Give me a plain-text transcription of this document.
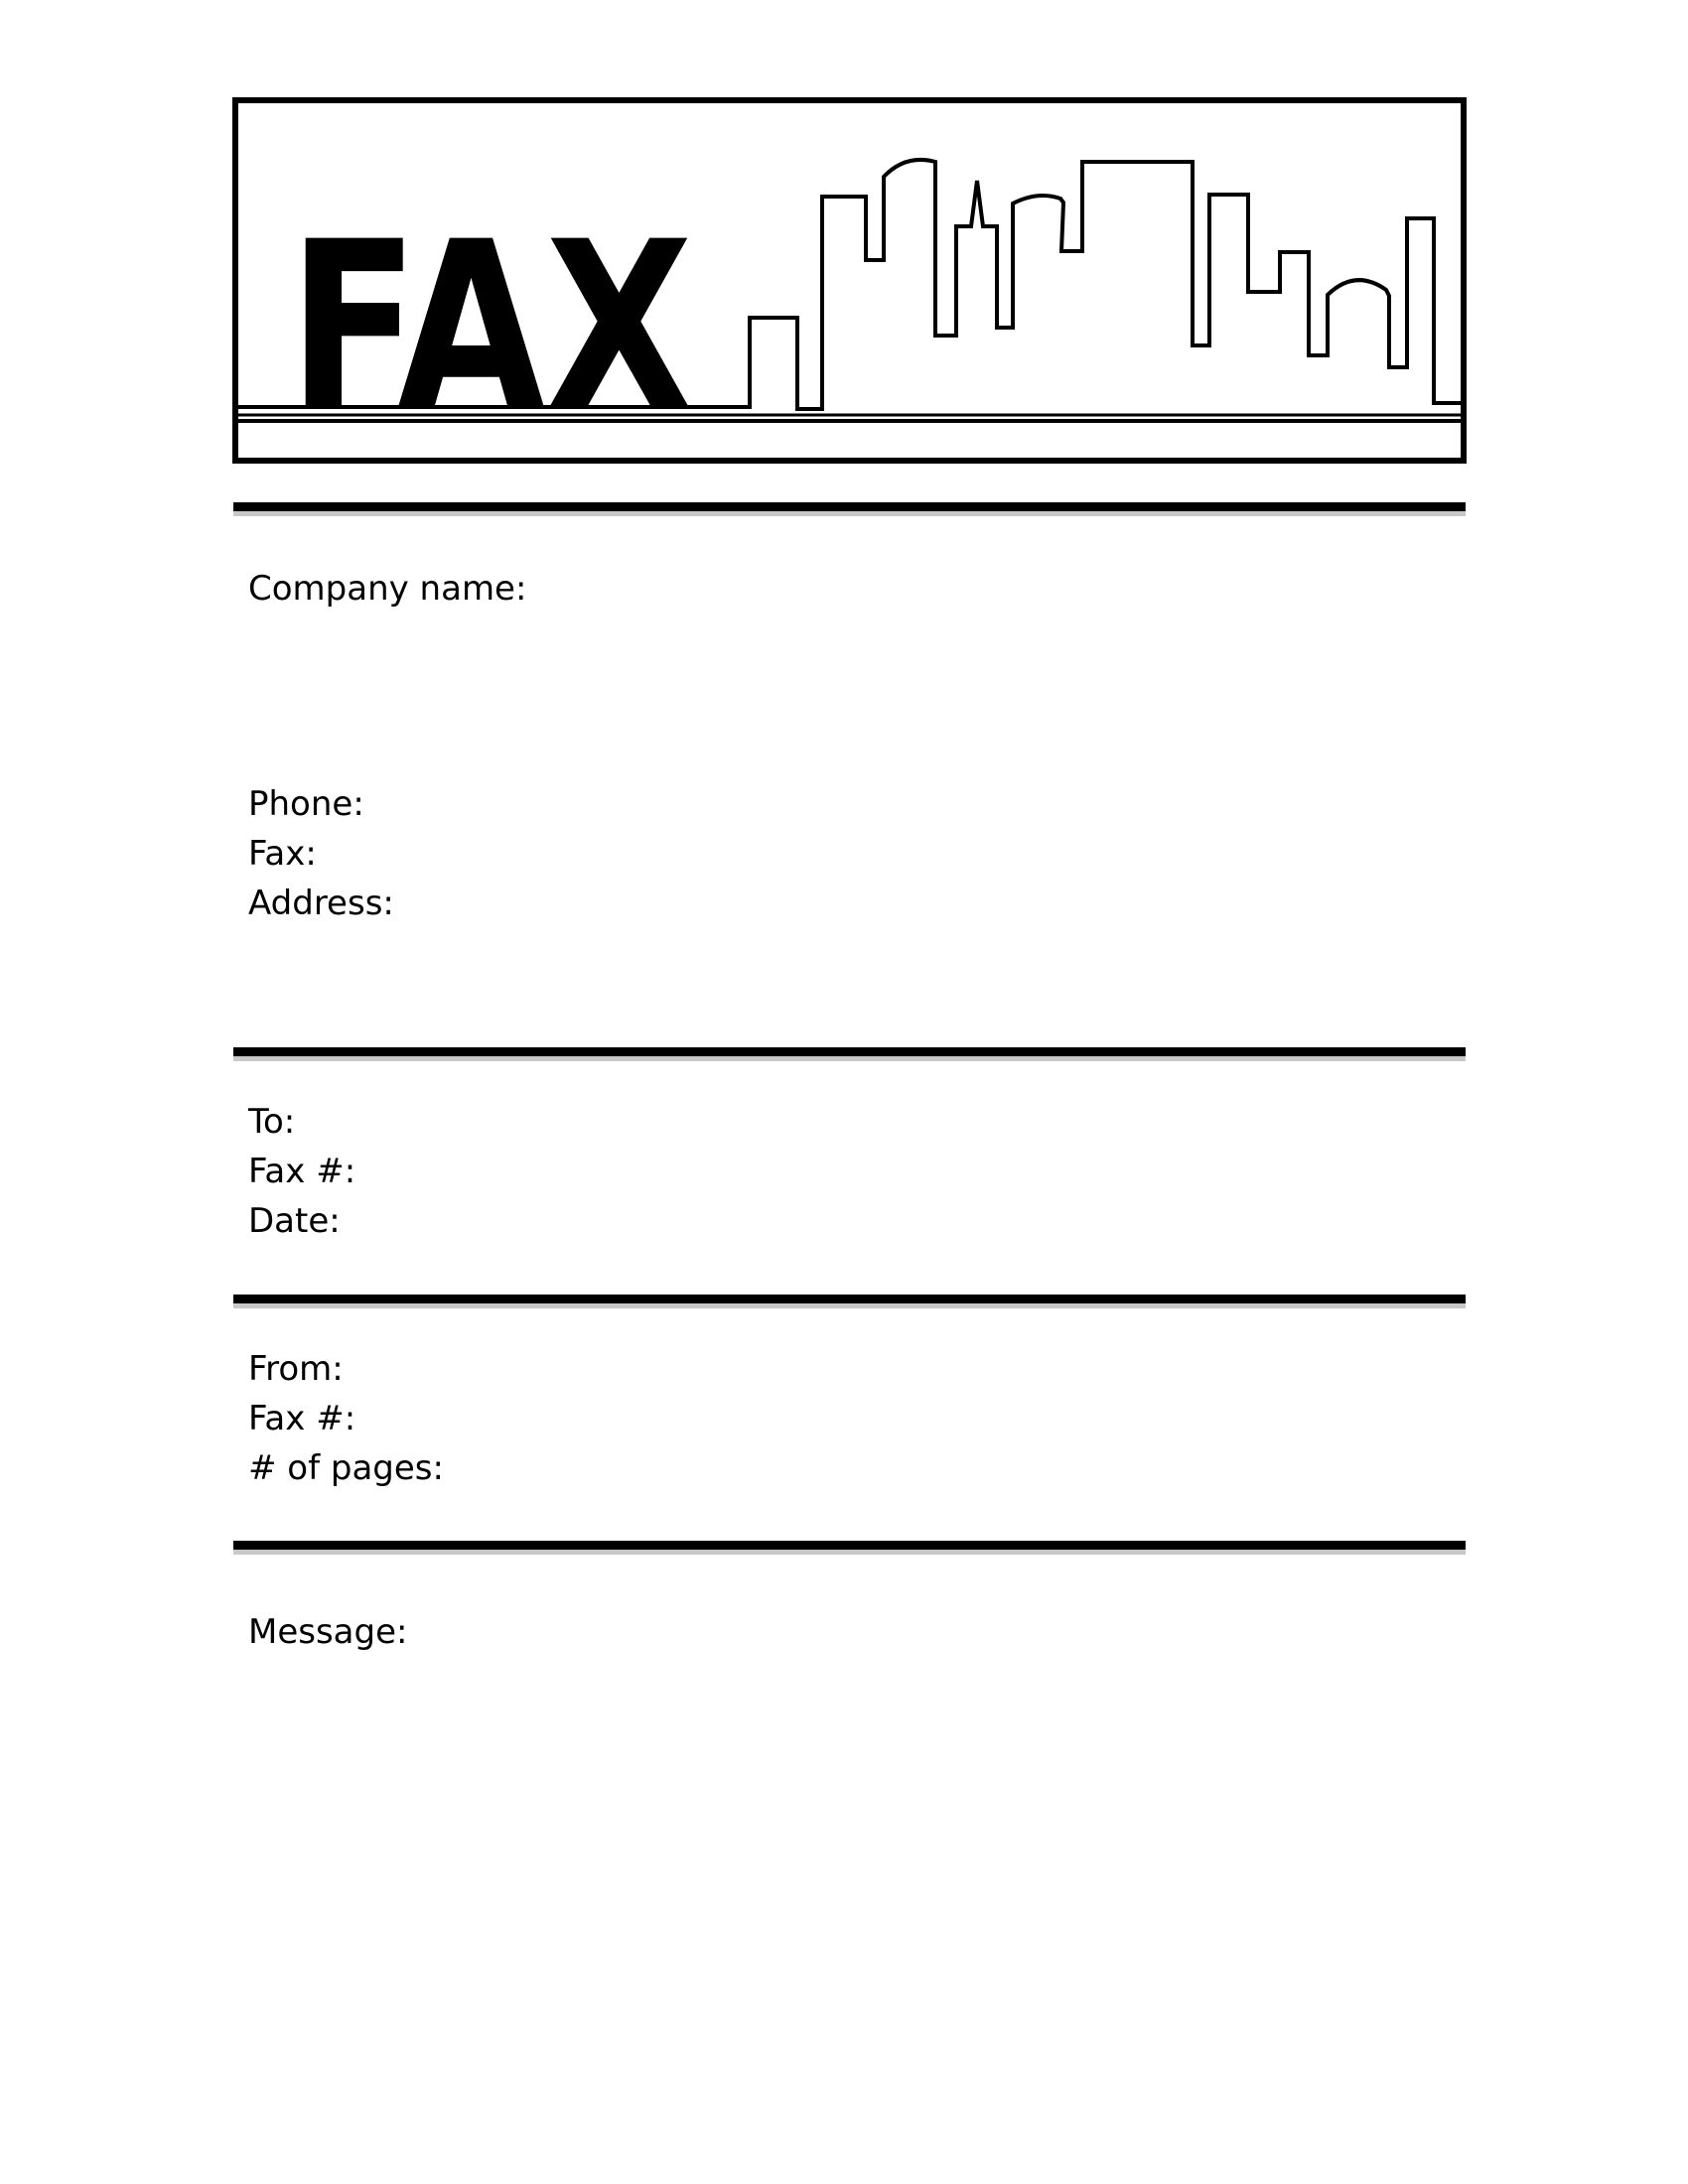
FAX
Company name:
Phone:
Fax:
Address:
To:
Fax #:
Date:
From:
Fax #:
# of pages:
Message:
